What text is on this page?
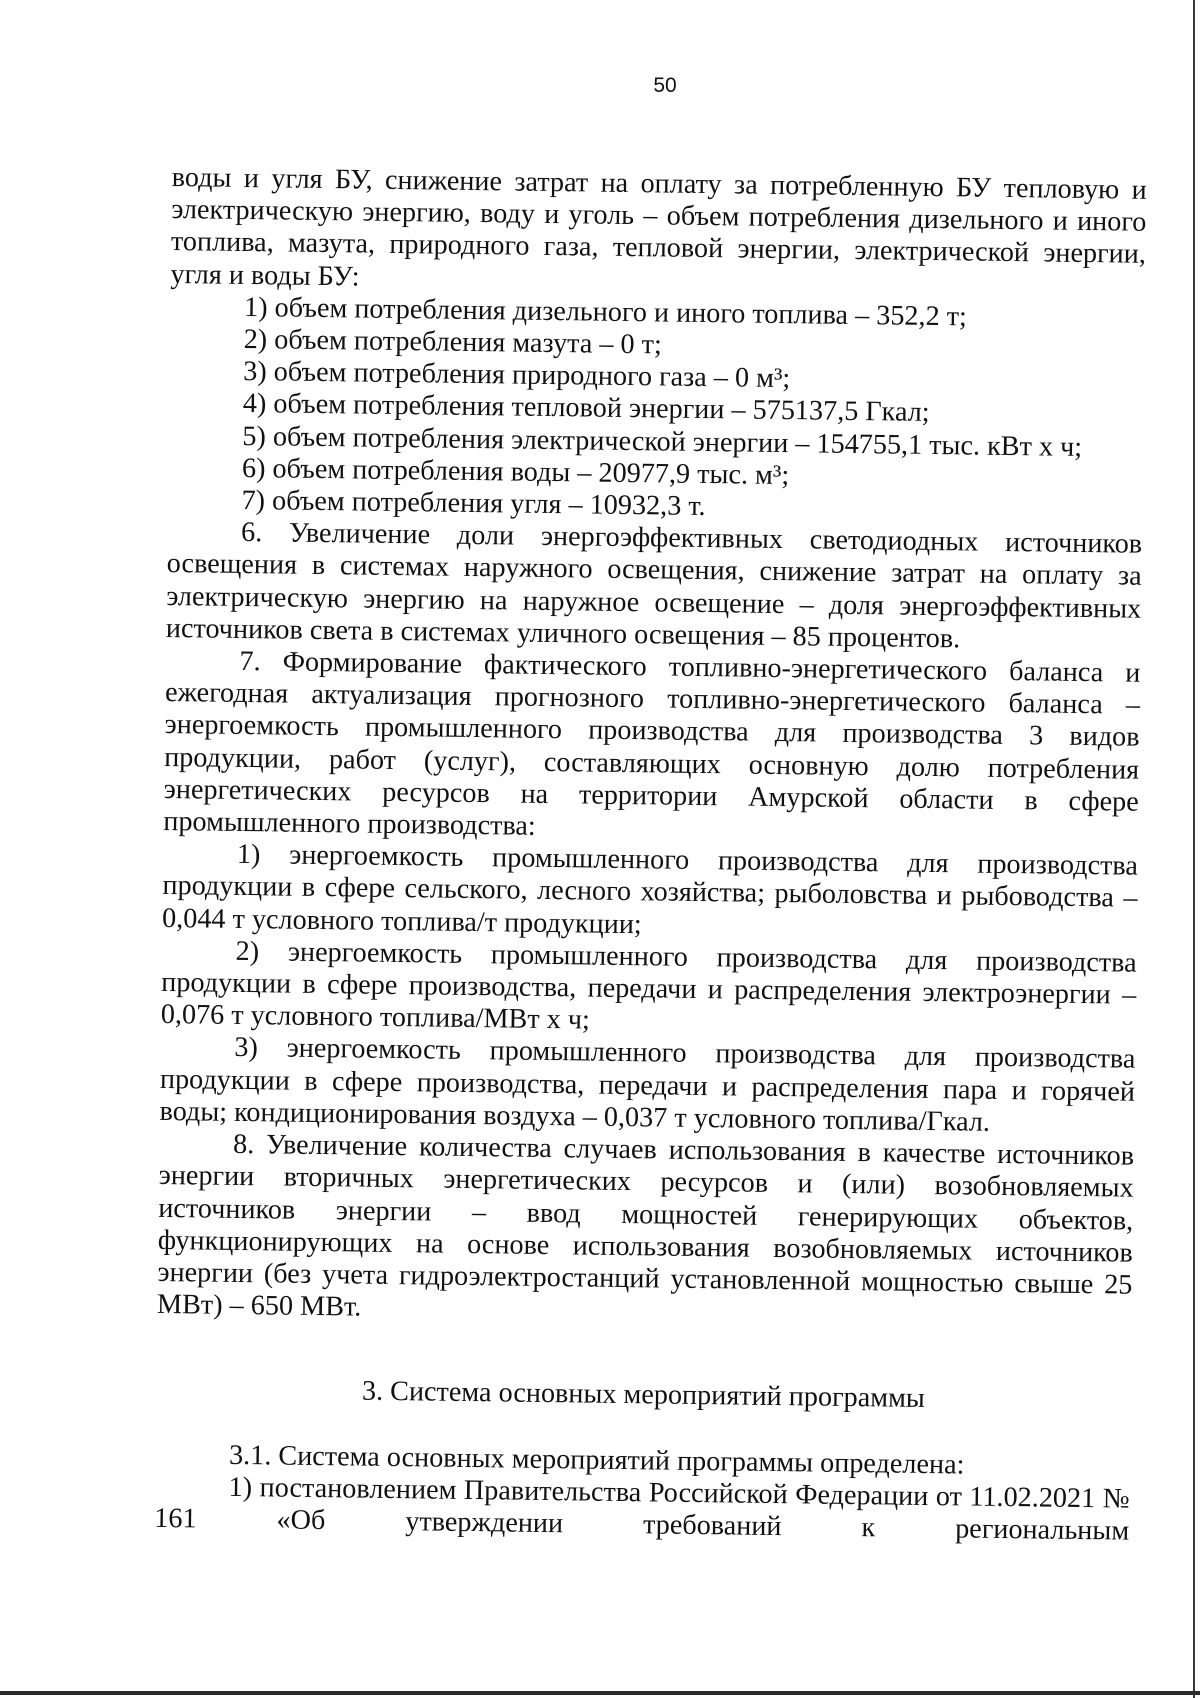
50

воды и угля БУ, снижение затрат на оплату за потребленную БУ тепловую и электрическую энергию, воду и уголь – объем потребления дизельного и иного топлива, мазута, природного газа, тепловой энергии, электрической энергии, угля и воды БУ:

1) объем потребления дизельного и иного топлива – 352,2 т;

2) объем потребления мазута – 0 т;

3) объем потребления природного газа – 0 м³;

4) объем потребления тепловой энергии – 575137,5 Гкал;

5) объем потребления электрической энергии – 154755,1 тыс. кВт х ч;

6) объем потребления воды – 20977,9 тыс. м³;

7) объем потребления угля – 10932,3 т.

6. Увеличение доли энергоэффективных светодиодных источников освещения в системах наружного освещения, снижение затрат на оплату за электрическую энергию на наружное освещение – доля энергоэффективных источников света в системах уличного освещения – 85 процентов.

7. Формирование фактического топливно-энергетического баланса и ежегодная актуализация прогнозного топливно-энергетического баланса – энергоемкость промышленного производства для производства 3 видов продукции, работ (услуг), составляющих основную долю потребления энергетических ресурсов на территории Амурской области в сфере промышленного производства:

1) энергоемкость промышленного производства для производства продукции в сфере сельского, лесного хозяйства; рыболовства и рыбоводства – 0,044 т условного топлива/т продукции;

2) энергоемкость промышленного производства для производства продукции в сфере производства, передачи и распределения электроэнергии – 0,076 т условного топлива/МВт х ч;

3) энергоемкость промышленного производства для производства продукции в сфере производства, передачи и распределения пара и горячей воды; кондиционирования воздуха – 0,037 т условного топлива/Гкал.

8. Увеличение количества случаев использования в качестве источников энергии вторичных энергетических ресурсов и (или) возобновляемых источников энергии – ввод мощностей генерирующих объектов, функционирующих на основе использования возобновляемых источников энергии (без учета гидроэлектростанций установленной мощностью свыше 25 МВт) – 650 МВт.

3. Система основных мероприятий программы

3.1. Система основных мероприятий программы определена:

1) постановлением Правительства Российской Федерации от 11.02.2021 № 161 «Об утверждении требований к региональным
